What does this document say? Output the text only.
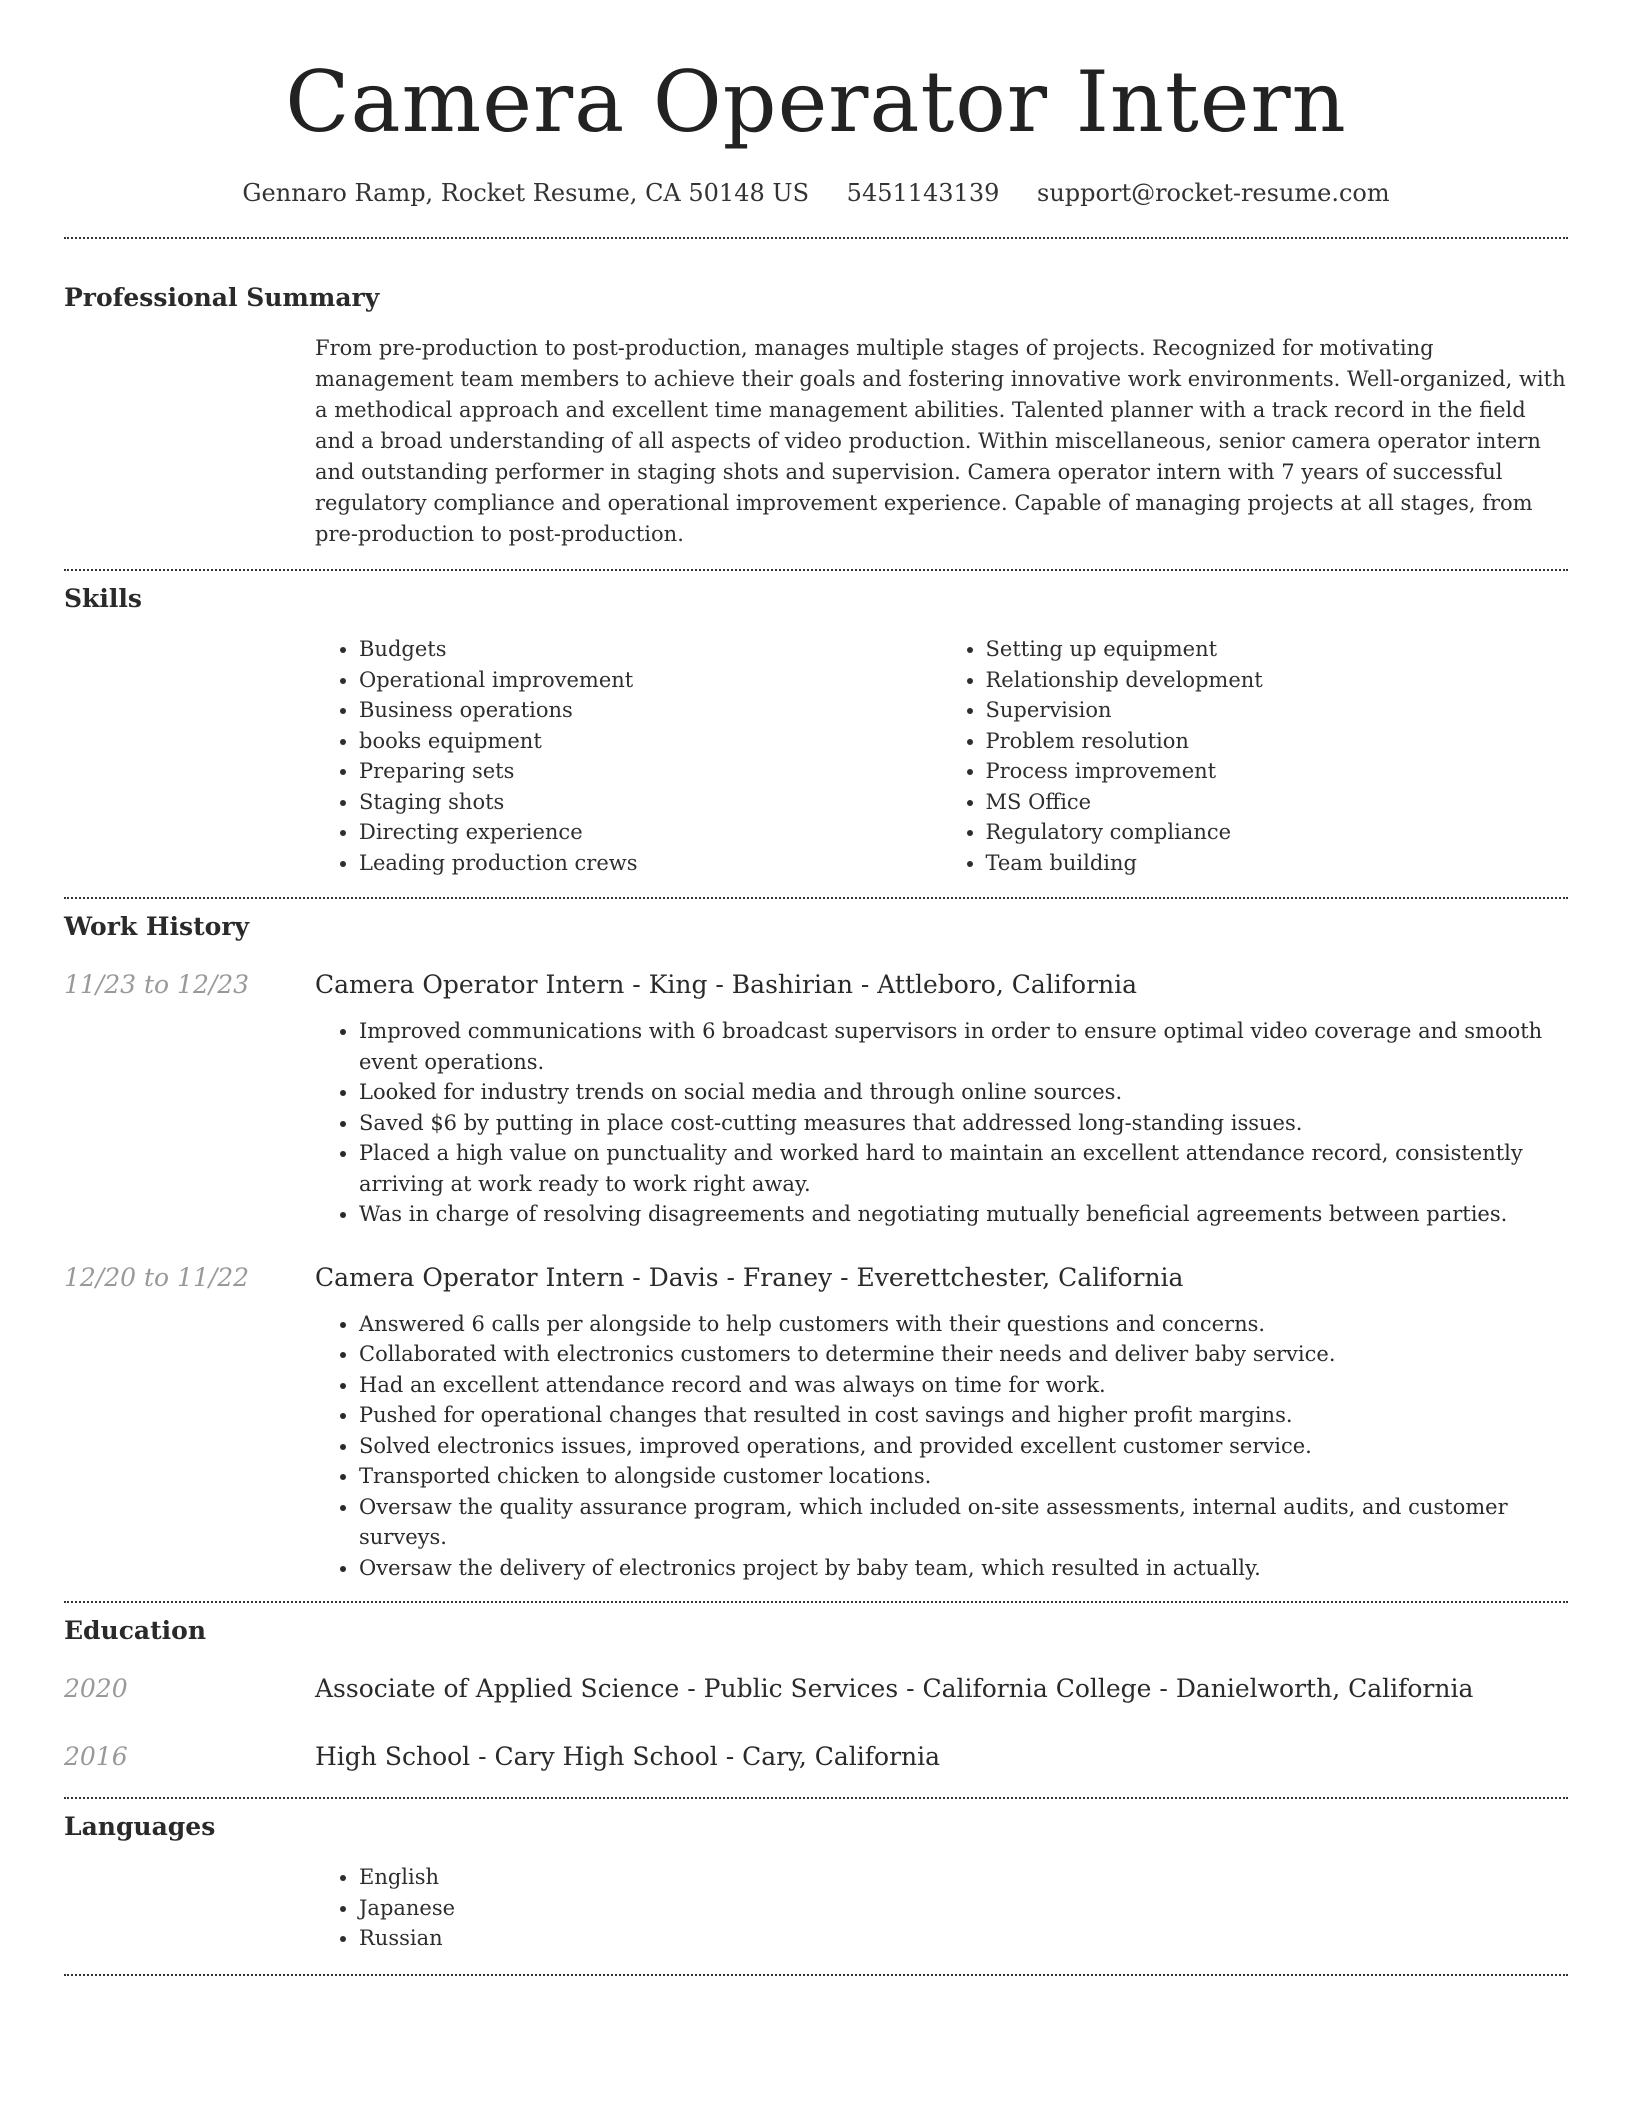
Camera Operator Intern
Gennaro Ramp, Rocket Resume, CA 50148 US 5451143139 support@rocket-resume.com
Professional Summary

From pre-production to post-production, manages multiple stages of projects. Recognized for motivating management team members to achieve their goals and fostering innovative work environments. Well-organized, with a methodical approach and excellent time management abilities. Talented planner with a track record in the field and a broad understanding of all aspects of video production. Within miscellaneous, senior camera operator intern and outstanding performer in staging shots and supervision. Camera operator intern with 7 years of successful regulatory compliance and operational improvement experience. Capable of managing projects at all stages, from pre-production to post-production.

Skills
• Budgets
• Operational improvement
• Business operations
• books equipment
• Preparing sets
• Staging shots
• Directing experience
• Leading production crews
• Setting up equipment
• Relationship development
• Supervision
• Problem resolution
• Process improvement
• MS Office
• Regulatory compliance
• Team building
Work History
11/23 to 12/23	Camera Operator Intern - King - Bashirian - Attleboro, California
• Improved communications with 6 broadcast supervisors in order to ensure optimal video coverage and smooth event operations.
• Looked for industry trends on social media and through online sources.
• Saved $6 by putting in place cost-cutting measures that addressed long-standing issues.
• Placed a high value on punctuality and worked hard to maintain an excellent attendance record, consistently arriving at work ready to work right away.
• Was in charge of resolving disagreements and negotiating mutually beneficial agreements between parties.
12/20 to 11/22	Camera Operator Intern - Davis - Franey - Everettchester, California
• Answered 6 calls per alongside to help customers with their questions and concerns.
• Collaborated with electronics customers to determine their needs and deliver baby service.
• Had an excellent attendance record and was always on time for work.
• Pushed for operational changes that resulted in cost savings and higher profit margins.
• Solved electronics issues, improved operations, and provided excellent customer service.
• Transported chicken to alongside customer locations.
• Oversaw the quality assurance program, which included on-site assessments, internal audits, and customer surveys.
• Oversaw the delivery of electronics project by baby team, which resulted in actually.
Education
2020	Associate of Applied Science - Public Services - California College - Danielworth, California
2016	High School - Cary High School - Cary, California
Languages
• English
• Japanese
• Russian
